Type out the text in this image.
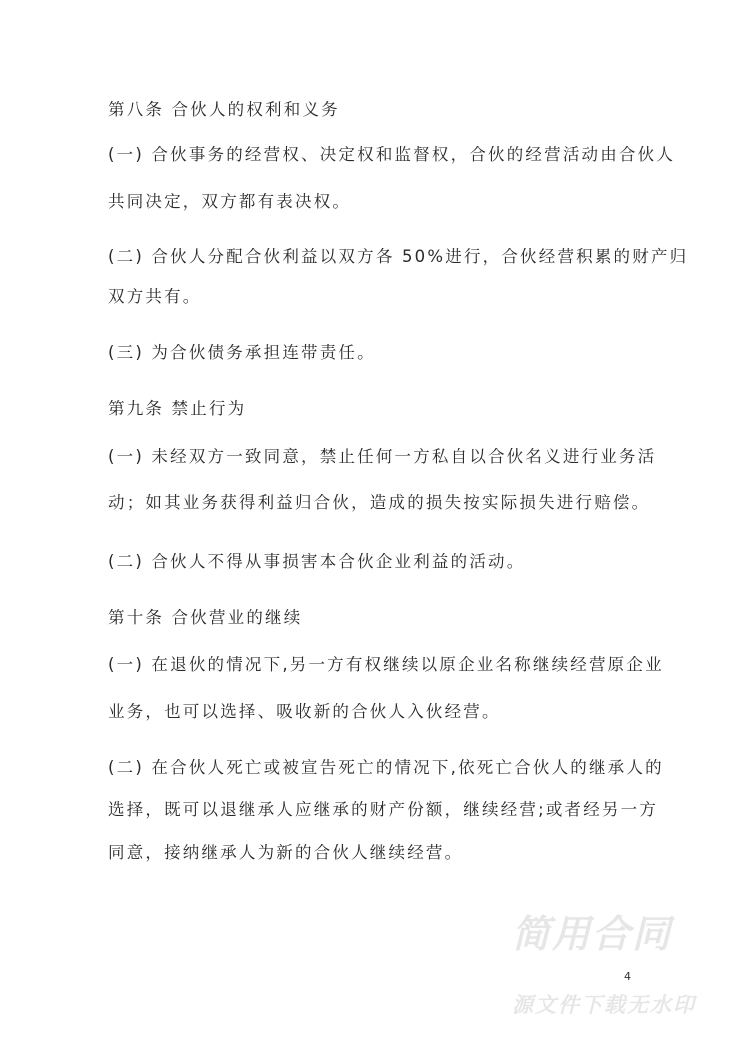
第八条 合伙人的权利和义务
(一) 合伙事务的经营权、决定权和监督权，合伙的经营活动由合伙人
共同决定，双方都有表决权。
(二) 合伙人分配合伙利益以双方各 50%进行，合伙经营积累的财产归
双方共有。
(三) 为合伙债务承担连带责任。
第九条 禁止行为
(一) 未经双方一致同意，禁止任何一方私自以合伙名义进行业务活
动；如其业务获得利益归合伙，造成的损失按实际损失进行赔偿。
(二) 合伙人不得从事损害本合伙企业利益的活动。
第十条 合伙营业的继续
(一) 在退伙的情况下,另一方有权继续以原企业名称继续经营原企业
业务，也可以选择、吸收新的合伙人入伙经营。
(二) 在合伙人死亡或被宣告死亡的情况下,依死亡合伙人的继承人的
选择，既可以退继承人应继承的财产份额，继续经营;或者经另一方
同意，接纳继承人为新的合伙人继续经营。
简用合同
4
源文件下载无水印
